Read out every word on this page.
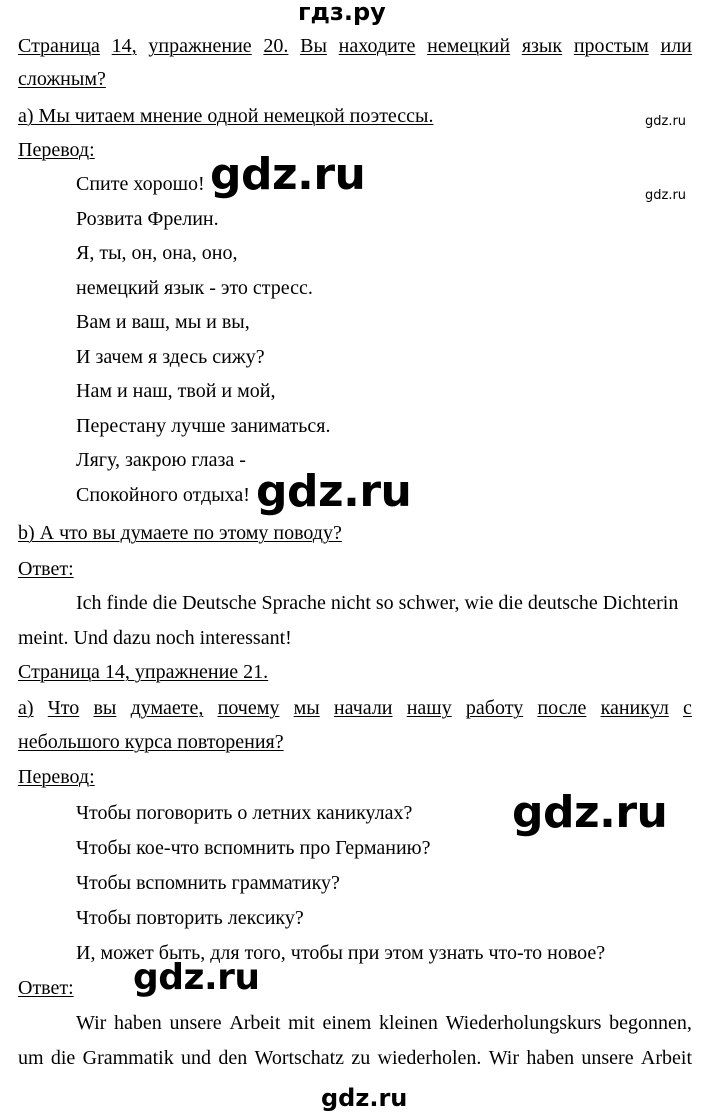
гдз.ру
Страница 14, упражнение 20. Вы находите немецкий язык простым или
сложным?
a) Мы читаем мнение одной немецкой поэтессы.
Перевод:
Спите хорошо!
Розвита Фрелин.
Я, ты, он, она, оно,
немецкий язык - это стресс.
Вам и ваш, мы и вы,
И зачем я здесь сижу?
Нам и наш, твой и мой,
Перестану лучше заниматься.
Лягу, закрою глаза -
Спокойного отдыха!
b) А что вы думаете по этому поводу?
Ответ:
Ich finde die Deutsche Sprache nicht so schwer, wie die deutsche Dichterin
meint. Und dazu noch interessant!
Страница 14, упражнение 21.
a) Что вы думаете, почему мы начали нашу работу после каникул с
небольшого курса повторения?
Перевод:
Чтобы поговорить о летних каникулах?
Чтобы кое-что вспомнить про Германию?
Чтобы вспомнить грамматику?
Чтобы повторить лексику?
И, может быть, для того, чтобы при этом узнать что-то новое?
Ответ:
Wir haben unsere Arbeit mit einem kleinen Wiederholungskurs begonnen,
um die Grammatik und den Wortschatz zu wiederholen. Wir haben unsere Arbeit
gdz.ru
gdz.ru
gdz.ru
gdz.ru
gdz.ru
gdz.ru
gdz.ru
